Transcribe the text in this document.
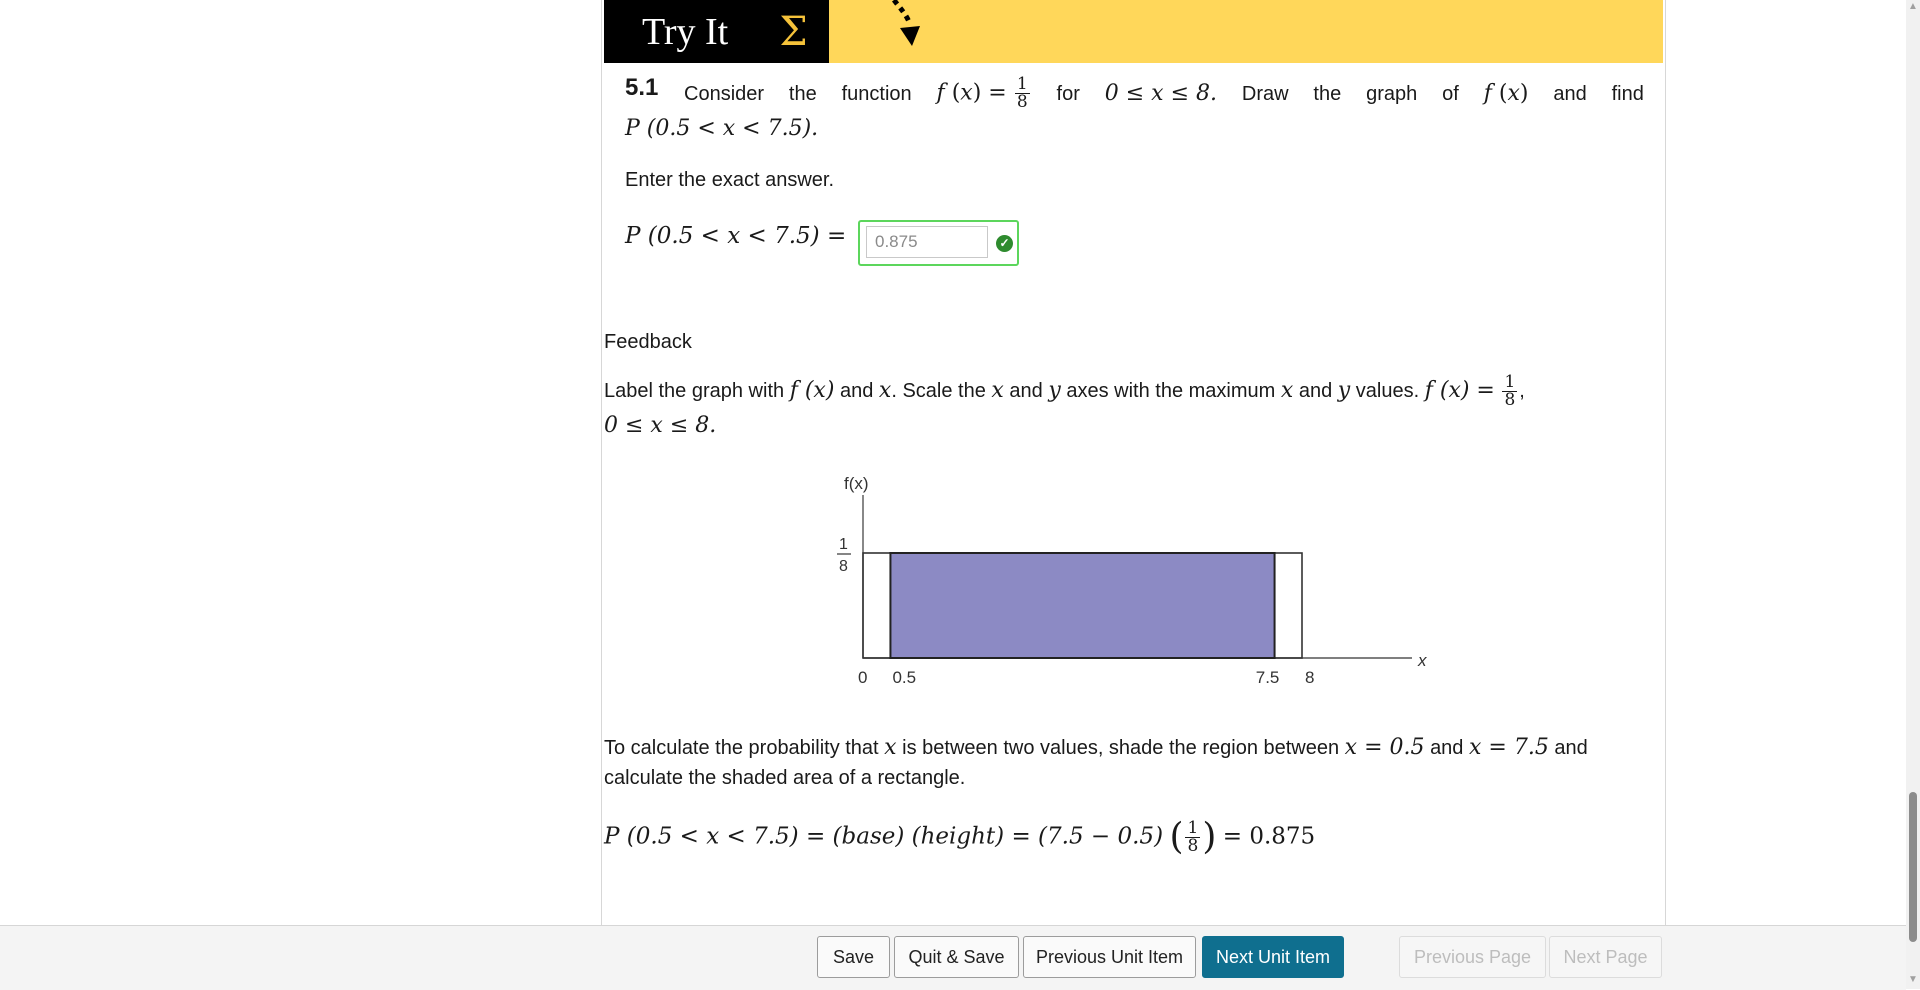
Try It	Σ
5.1 Consider the function f $(x) = \frac{1}{8}$ for 0 ≤ x ≤ 8. Draw the graph of f (x) and find
P (0.5 < x < 7.5).
Enter the exact answer.
P (0.5 < x < 7.5) =
0.875	✓
Feedback
Label the graph with f (x) and x. Scale the x and y axes with the maximum x and y values. f $(x) = \frac{1}{8}$ ,
0 ≤ x ≤ 8.
f(x)
1
8
x
0 0.5	7.5 8
To calculate the probability that x is between two values, shade the region between x = 0.5 and x = 7.5 and
calculate the shaded area of a rectangle.
P (0.5 < x < 7.5) = (base) (height) = (7.5 − 0.5) ( $\frac{1}{8}$ ) = 0.875
Save	Quit & Save	Previous Unit Item	Next Unit Item	Previous Page	Next Page
▲
▼
